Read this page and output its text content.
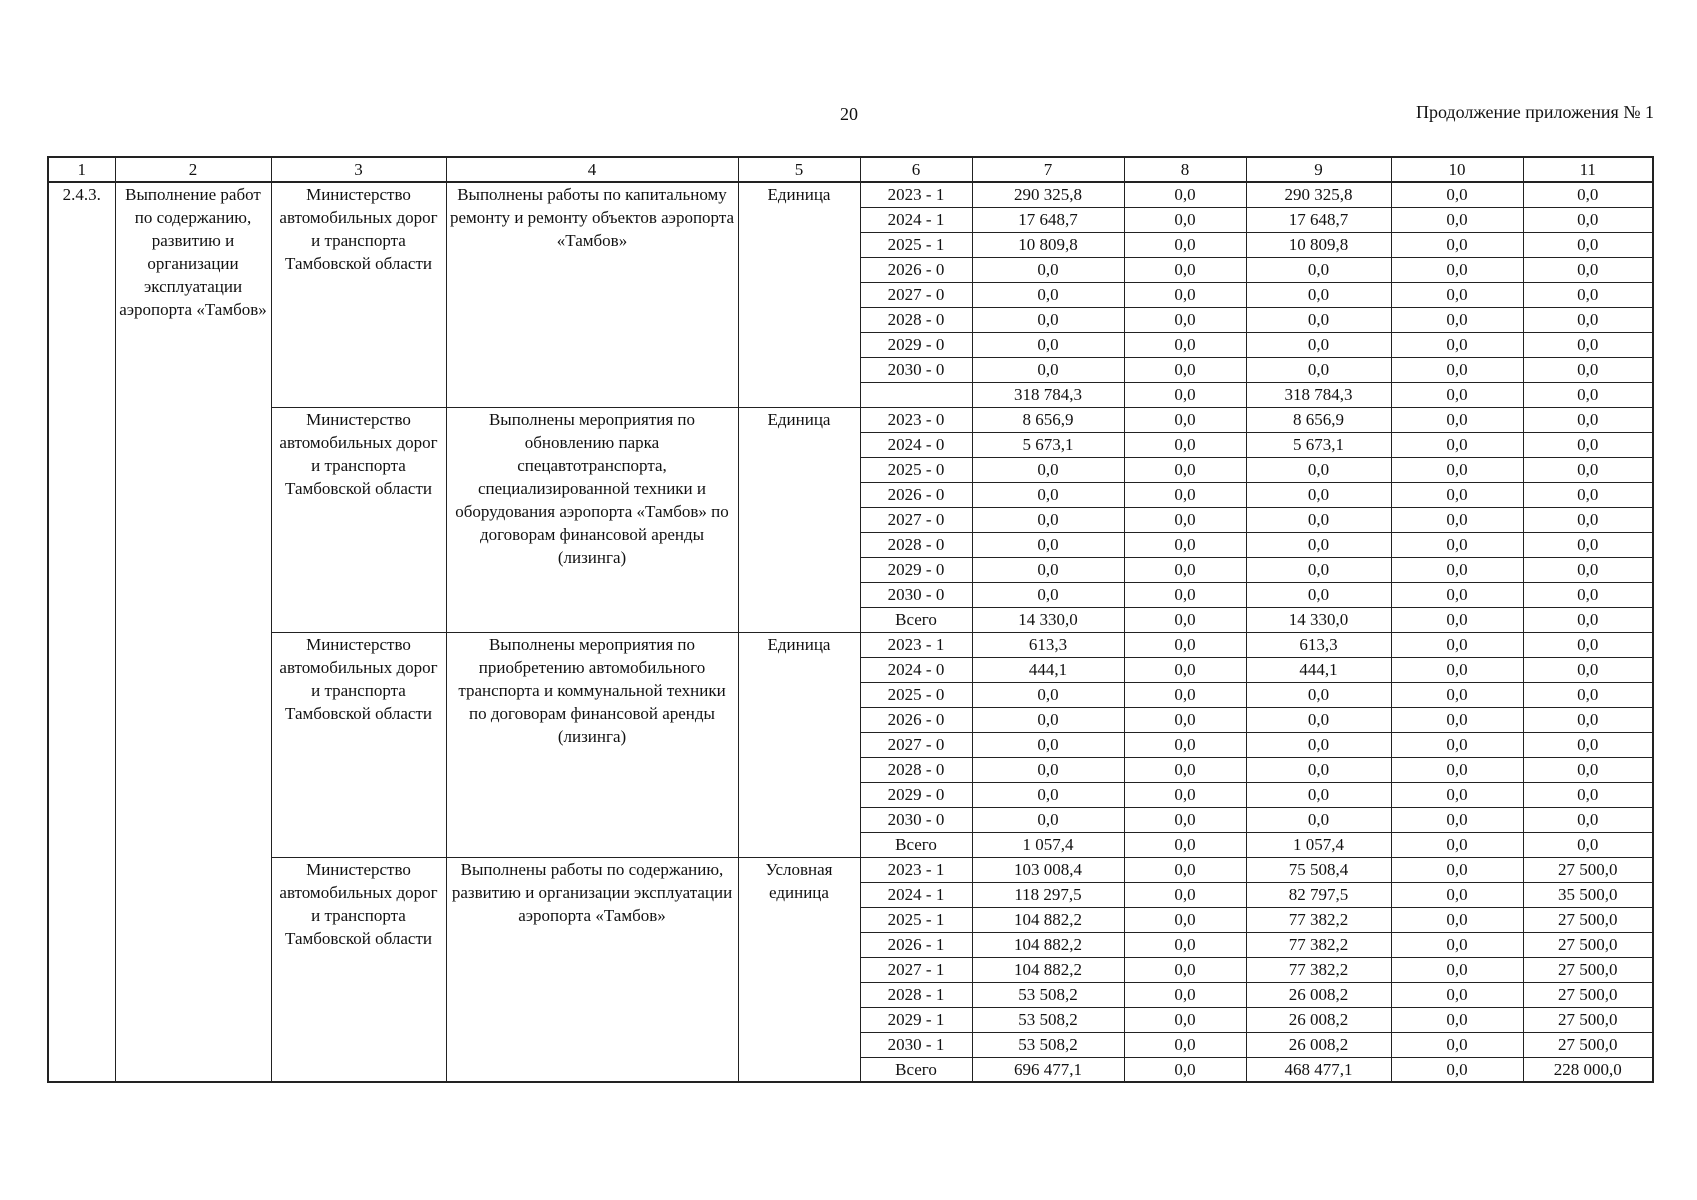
20	Продолжение приложения № 1
1	2	3	4	5	6	7	8	9	10	11
2.4.3.	Выполнение работ по содержанию, развитию и организации эксплуатации аэропорта «Тамбов»	Министерство автомобильных дорог и транспорта Тамбовской области	Выполнены работы по капитальному ремонту и ремонту объектов аэропорта «Тамбов»	Единица	2023 - 1	290 325,8	0,0	290 325,8	0,0	0,0
					2024 - 1	17 648,7	0,0	17 648,7	0,0	0,0
					2025 - 1	10 809,8	0,0	10 809,8	0,0	0,0
					2026 - 0	0,0	0,0	0,0	0,0	0,0
					2027 - 0	0,0	0,0	0,0	0,0	0,0
					2028 - 0	0,0	0,0	0,0	0,0	0,0
					2029 - 0	0,0	0,0	0,0	0,0	0,0
					2030 - 0	0,0	0,0	0,0	0,0	0,0
						318 784,3	0,0	318 784,3	0,0	0,0
		Министерство автомобильных дорог и транспорта Тамбовской области	Выполнены мероприятия по обновлению парка спецавтотранспорта, специализированной техники и оборудования аэропорта «Тамбов» по договорам финансовой аренды (лизинга)	Единица	2023 - 0	8 656,9	0,0	8 656,9	0,0	0,0
					2024 - 0	5 673,1	0,0	5 673,1	0,0	0,0
					2025 - 0	0,0	0,0	0,0	0,0	0,0
					2026 - 0	0,0	0,0	0,0	0,0	0,0
					2027 - 0	0,0	0,0	0,0	0,0	0,0
					2028 - 0	0,0	0,0	0,0	0,0	0,0
					2029 - 0	0,0	0,0	0,0	0,0	0,0
					2030 - 0	0,0	0,0	0,0	0,0	0,0
					Всего	14 330,0	0,0	14 330,0	0,0	0,0
		Министерство автомобильных дорог и транспорта Тамбовской области	Выполнены мероприятия по приобретению автомобильного транспорта и коммунальной техники по договорам финансовой аренды (лизинга)	Единица	2023 - 1	613,3	0,0	613,3	0,0	0,0
					2024 - 0	444,1	0,0	444,1	0,0	0,0
					2025 - 0	0,0	0,0	0,0	0,0	0,0
					2026 - 0	0,0	0,0	0,0	0,0	0,0
					2027 - 0	0,0	0,0	0,0	0,0	0,0
					2028 - 0	0,0	0,0	0,0	0,0	0,0
					2029 - 0	0,0	0,0	0,0	0,0	0,0
					2030 - 0	0,0	0,0	0,0	0,0	0,0
					Всего	1 057,4	0,0	1 057,4	0,0	0,0
		Министерство автомобильных дорог и транспорта Тамбовской области	Выполнены работы по содержанию, развитию и организации эксплуатации аэропорта «Тамбов»	Условная единица	2023 - 1	103 008,4	0,0	75 508,4	0,0	27 500,0
					2024 - 1	118 297,5	0,0	82 797,5	0,0	35 500,0
					2025 - 1	104 882,2	0,0	77 382,2	0,0	27 500,0
					2026 - 1	104 882,2	0,0	77 382,2	0,0	27 500,0
					2027 - 1	104 882,2	0,0	77 382,2	0,0	27 500,0
					2028 - 1	53 508,2	0,0	26 008,2	0,0	27 500,0
					2029 - 1	53 508,2	0,0	26 008,2	0,0	27 500,0
					2030 - 1	53 508,2	0,0	26 008,2	0,0	27 500,0
					Всего	696 477,1	0,0	468 477,1	0,0	228 000,0
